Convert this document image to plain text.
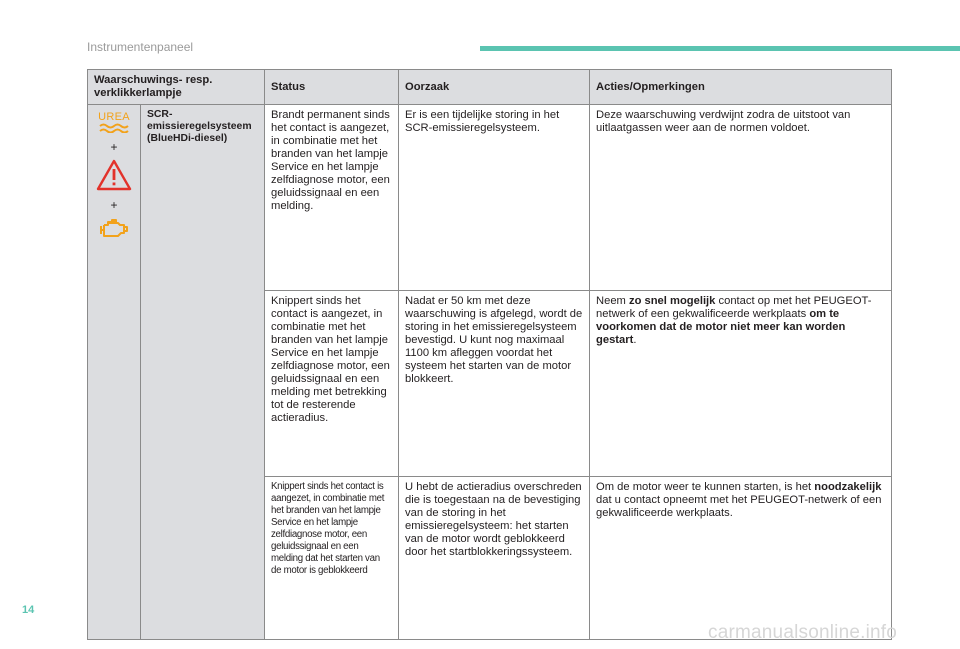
Instrumentenpaneel
Waarschuwings- resp. verklikkerlampje		Status	Oorzaak	Acties/Opmerkingen

UREA
+
+	SCR-emissieregelsysteem (BlueHDi-diesel)	Brandt permanent sinds het contact is aangezet, in combinatie met het branden van het lampje Service en het lampje zelfdiagnose motor, een geluidssignaal en een melding.	Er is een tijdelijke storing in het SCR-emissieregelsysteem.	Deze waarschuwing verdwijnt zodra de uitstoot van uitlaatgassen weer aan de normen voldoet.
		Knippert sinds het contact is aangezet, in combinatie met het branden van het lampje Service en het lampje zelfdiagnose motor, een geluidssignaal en een melding met betrekking tot de resterende actieradius.	Nadat er 50 km met deze waarschuwing is afgelegd, wordt de storing in het emissieregelsysteem bevestigd. U kunt nog maximaal 1100 km afleggen voordat het systeem het starten van de motor blokkeert.	Neem zo snel mogelijk contact op met het PEUGEOT-netwerk of een gekwalificeerde werkplaats om te voorkomen dat de motor niet meer kan worden gestart.
		Knippert sinds het contact is aangezet, in combinatie met het branden van het lampje Service en het lampje zelfdiagnose motor, een geluidssignaal en een melding dat het starten van de motor is geblokkeerd	U hebt de actieradius overschreden die is toegestaan na de bevestiging van de storing in het emissieregelsysteem: het starten van de motor wordt geblokkeerd door het startblokkeringssysteem.	Om de motor weer te kunnen starten, is het noodzakelijk dat u contact opneemt met het PEUGEOT-netwerk of een gekwalificeerde werkplaats.
14
carmanualsonline.info
